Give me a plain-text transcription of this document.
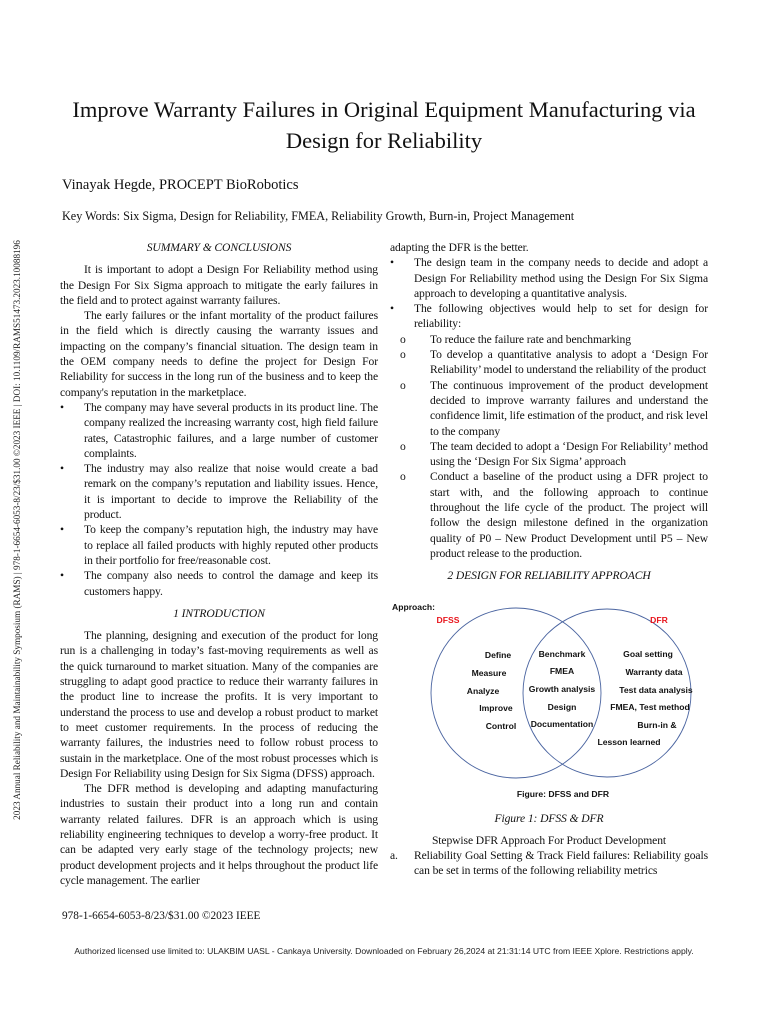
2023 Annual Reliability and Maintainability Symposium (RAMS) | 978-1-6654-6053-8/23/$31.00 ©2023 IEEE | DOI: 10.1109/RAMS51473.2023.10088196
Improve Warranty Failures in Original Equipment Manufacturing via Design for Reliability
Vinayak Hegde, PROCEPT BioRobotics
Key Words: Six Sigma, Design for Reliability, FMEA, Reliability Growth, Burn-in, Project Management
SUMMARY & CONCLUSIONS

It is important to adopt a Design For Reliability method using the Design For Six Sigma approach to mitigate the early failures in the field and to protect against warranty failures.

The early failures or the infant mortality of the product failures in the field which is directly causing the warranty issues and impacting on the company’s financial situation. The design team in the OEM company needs to define the project for Design For Reliability for success in the long run of the business and to keep the company's reputation in the marketplace.

• The company may have several products in its product line. The company realized the increasing warranty cost, high field failure rates, Catastrophic failures, and a large number of customer complaints.
• The industry may also realize that noise would create a bad remark on the company’s reputation and liability issues. Hence, it is important to decide to improve the Reliability of the product.
• To keep the company’s reputation high, the industry may have to replace all failed products with highly reputed other products in their portfolio for free/reasonable cost.
• The company also needs to control the damage and keep its customers happy.
1 INTRODUCTION

The planning, designing and execution of the product for long run is a challenging in today’s fast-moving requirements as well as the quick turnaround to market situation. Many of the companies are struggling to adapt good practice to reduce their warranty failures in the product line to increase the profits. It is very important to understand the process to use and develop a robust product to market to meet customer requirements. In the process of reducing the warranty failures, the industries need to follow robust process to sustain in the marketplace. One of the most robust processes which is Design For Reliability using Design for Six Sigma (DFSS) approach.

The DFR method is developing and adapting manufacturing industries to sustain their product into a long run and contain warranty related failures. DFR is an approach which is using reliability engineering techniques to develop a worry-free product. It can be adapted very early stage of the technology projects; new product development projects and it helps throughout the product life cycle management. The earlier

adapting the DFR is the better.

• The design team in the company needs to decide and adopt a Design For Reliability method using the Design For Six Sigma approach to developing a quantitative analysis.
• The following objectives would help to set for design for reliability:
o To reduce the failure rate and benchmarking
o To develop a quantitative analysis to adopt a ‘Design For Reliability’ model to understand the reliability of the product
o The continuous improvement of the product development decided to improve warranty failures and understand the confidence limit, life estimation of the product, and risk level to the company
o The team decided to adopt a ‘Design For Reliability’ method using the ‘Design For Six Sigma’ approach
o Conduct a baseline of the product using a DFR project to start with, and the following approach to continue throughout the life cycle of the product. The project will follow the design milestone defined in the organization quality of P0 – New Product Development until P5 – New product release to the production.
2 DESIGN FOR RELIABILITY APPROACH
Approach:
DFSS	DFR
Define
Measure
Analyze
Improve
Control
Benchmark
FMEA
Growth analysis
Design
Documentation
Goal setting
Warranty data
Test data analysis
FMEA, Test method
Burn-in &
Lesson learned
Figure: DFSS and DFR
Figure 1: DFSS & DFR
Stepwise DFR Approach For Product Development
a. Reliability Goal Setting & Track Field failures: Reliability goals can be set in terms of the following reliability metrics
978-1-6654-6053-8/23/$31.00 ©2023 IEEE
Authorized licensed use limited to: ULAKBIM UASL - Cankaya University. Downloaded on February 26,2024 at 21:31:14 UTC from IEEE Xplore. Restrictions apply.
